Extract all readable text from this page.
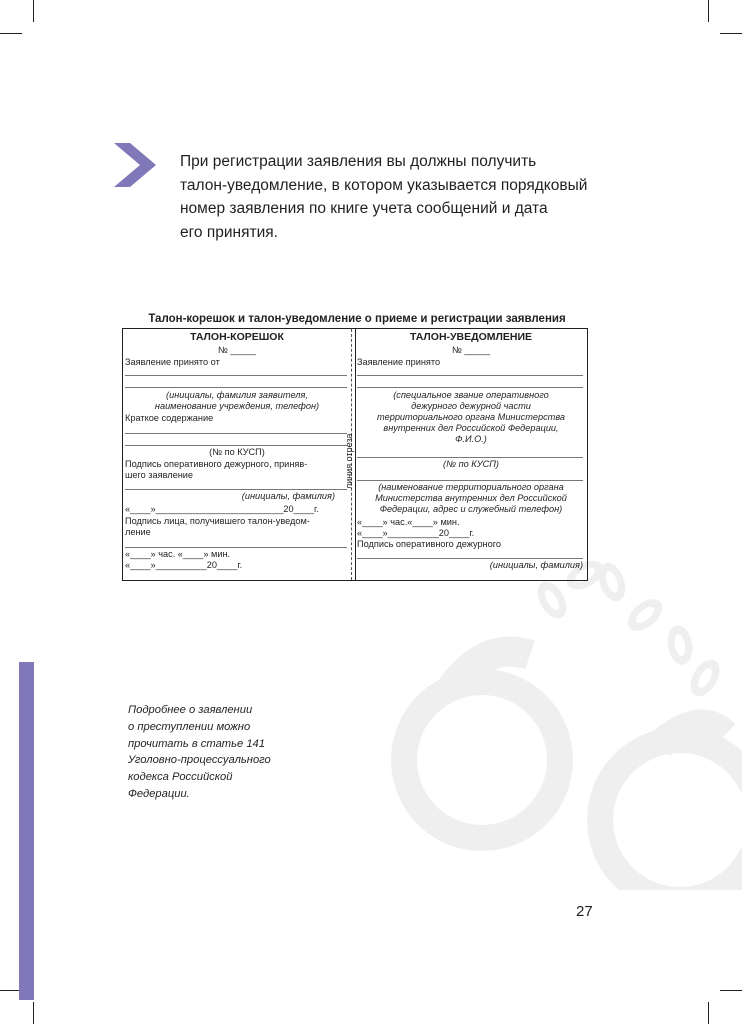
При регистрации заявления вы должны получить
талон-уведомление, в котором указывается порядковый
номер заявления по книге учета сообщений и дата
его принятия.
Талон-корешок и талон-уведомление о приеме и регистрации заявления
линия отреза
ТАЛОН-КОРЕШОК
№ _____
Заявление принято от
(инициалы, фамилия заявителя,
наименование учреждения, телефон)
Краткое содержание
(№ по КУСП)
Подпись оперативного дежурного, приняв-
шего заявление
(инициалы, фамилия)
«____»_________________________20____г.
Подпись лица, получившего талон-уведом-
ление
«____» час. «____» мин.
«____»__________20____г.
ТАЛОН-УВЕДОМЛЕНИЕ
№ _____
Заявление принято
(специальное звание оперативного
дежурного дежурной части
территориального органа Министерства
внутренних дел Российской Федерации,
Ф.И.О.)
(№ по КУСП)
(наименование территориального органа
Министерства внутренних дел Российской
Федерации, адрес и служебный телефон)
«____» час.«____» мин.
«____»__________20____г.
Подпись оперативного дежурного
(инициалы, фамилия)
Подробнее о заявлении
о преступлении можно
прочитать в статье 141
Уголовно-процессуального
кодекса Российской
Федерации.
27
